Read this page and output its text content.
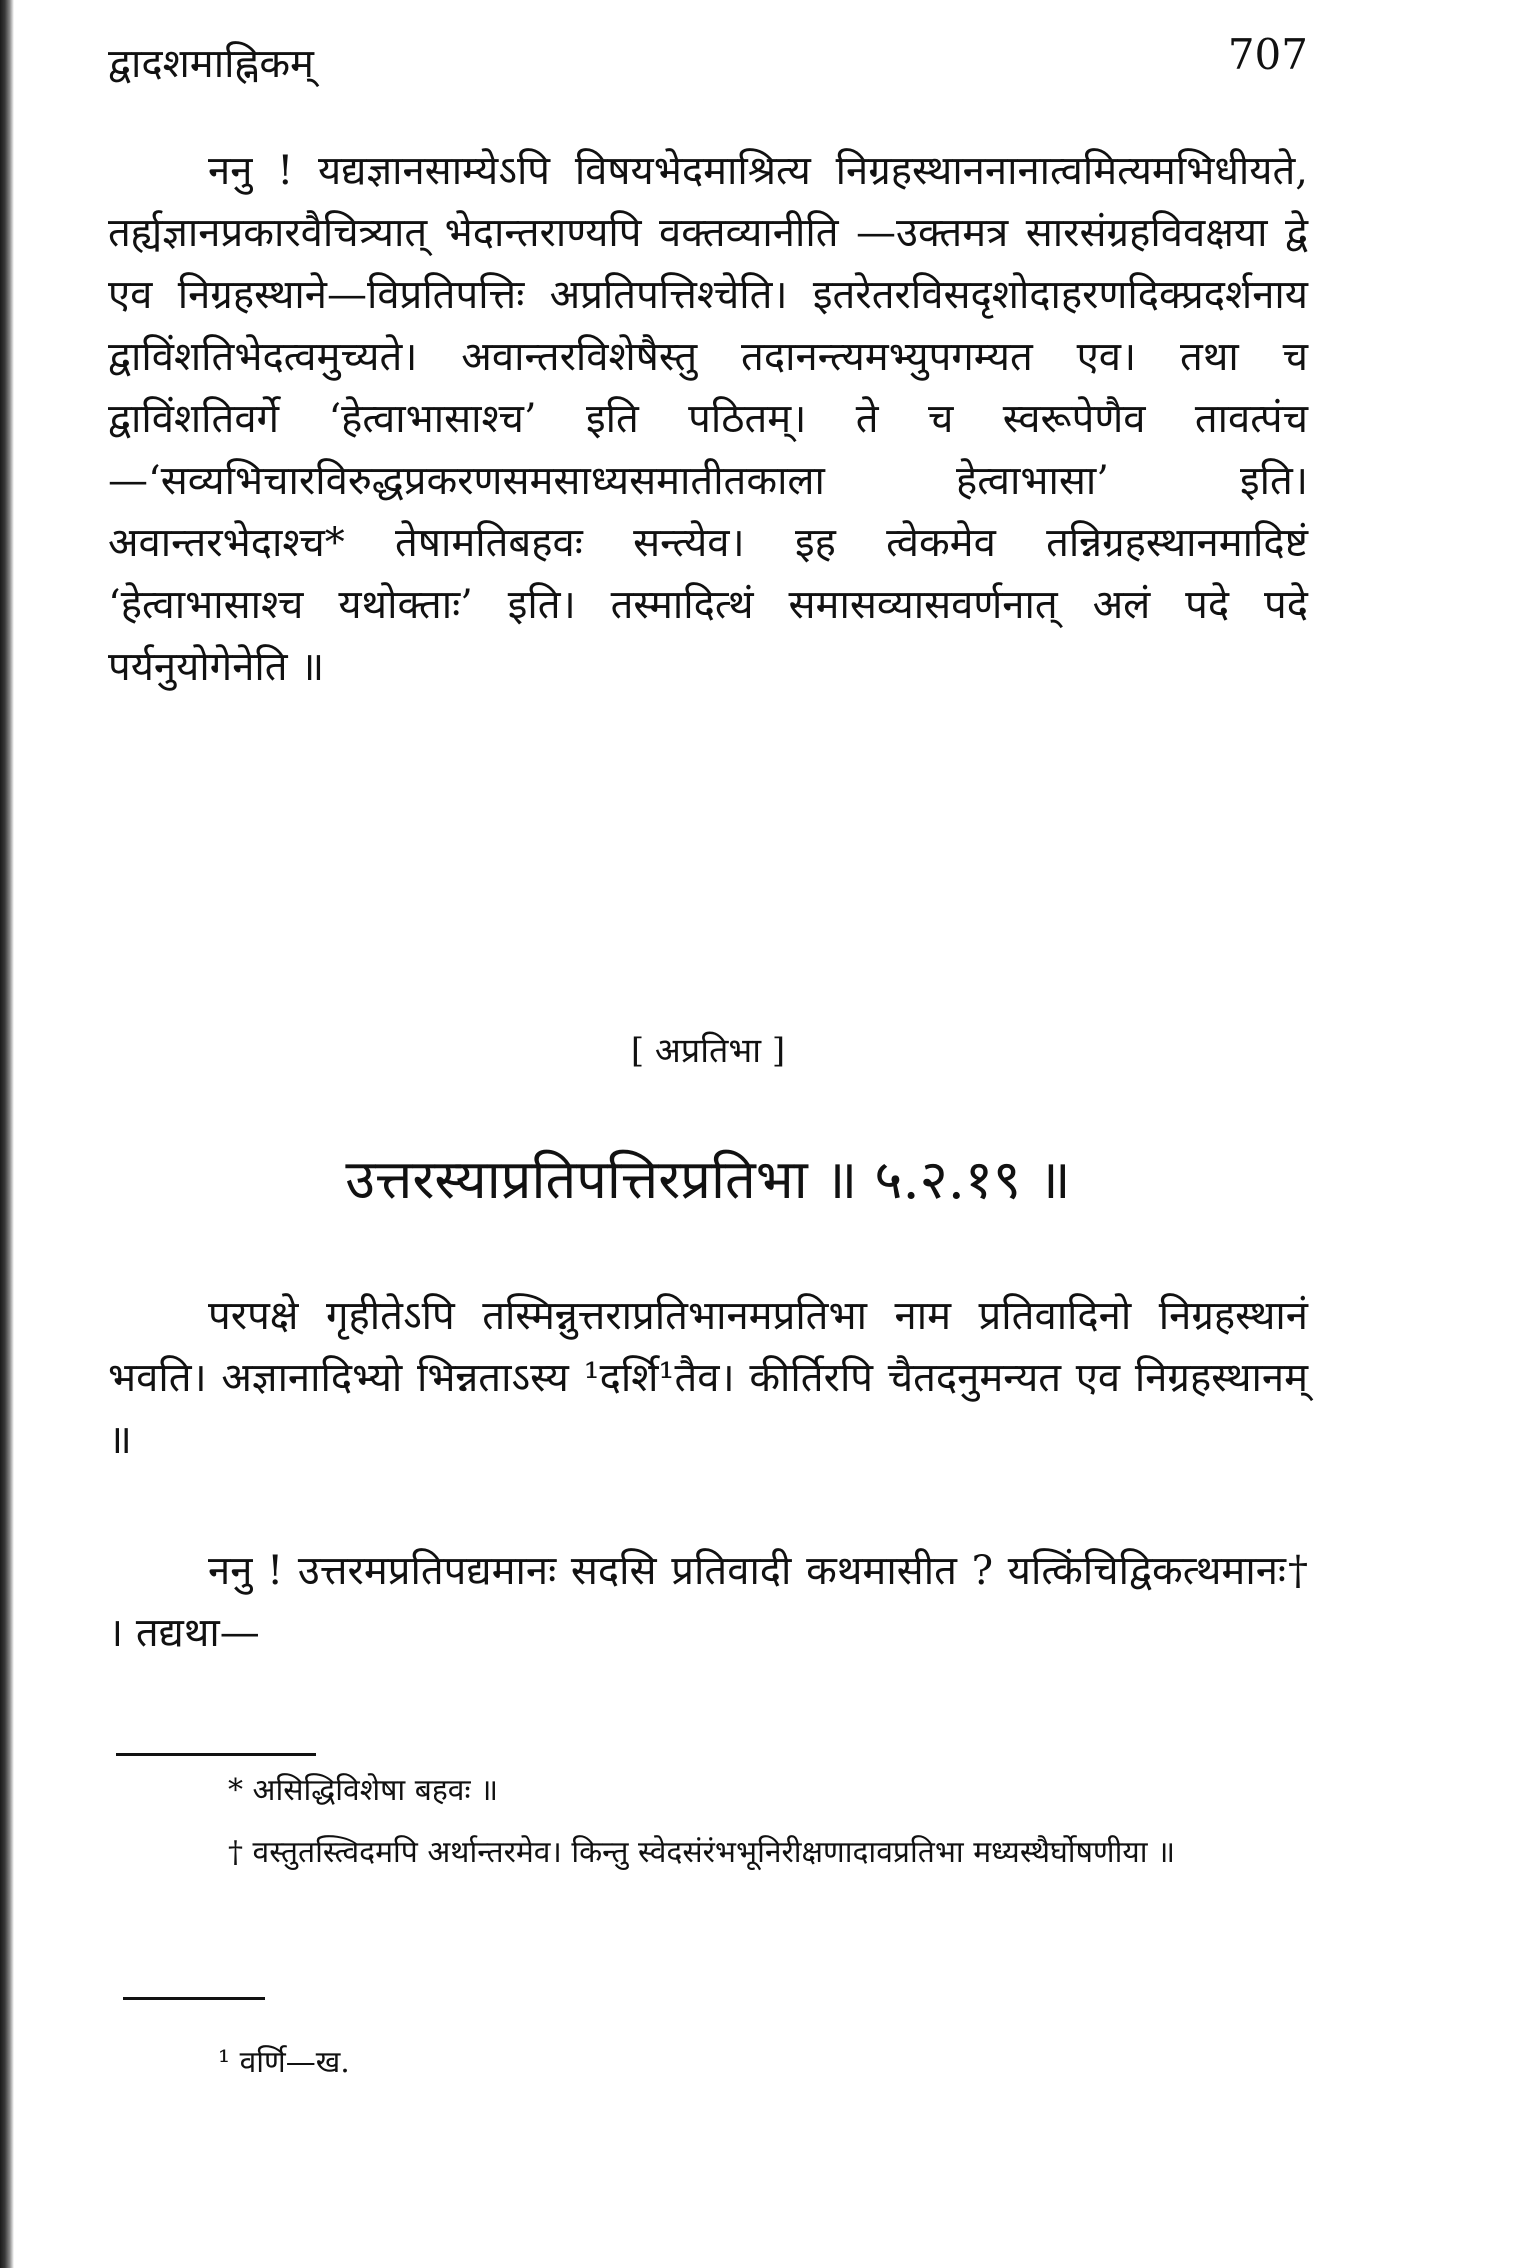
द्वादशमाह्निकम्	707
ननु ! यद्यज्ञानसाम्येऽपि विषयभेदमाश्रित्य निग्रहस्थाननानात्वमित्यमभिधीयते, तर्ह्यज्ञानप्रकारवैचित्र्यात् भेदान्तराण्यपि वक्तव्यानीति —उक्तमत्र सारसंग्रहविवक्षया द्वे एव निग्रहस्थाने—विप्रतिपत्तिः अप्रतिपत्तिश्चेति। इतरेतरविसदृशोदाहरणदिक्प्रदर्शनाय द्वाविंशतिभेदत्वमुच्यते। अवान्तरविशेषैस्तु तदानन्त्यमभ्युपगम्यत एव। तथा च द्वाविंशतिवर्गे ‘हेत्वाभासाश्च’ इति पठितम्। ते च स्वरूपेणैव तावत्पंच—‘सव्यभिचारविरुद्धप्रकरणसमसाध्यसमातीतकाला हेत्वाभासा’ इति। अवान्तरभेदाश्च* तेषामतिबहवः सन्त्येव। इह त्वेकमेव तन्निग्रहस्थानमादिष्टं ‘हेत्वाभासाश्च यथोक्ताः’ इति। तस्मादित्थं समासव्यासवर्णनात् अलं पदे पदे पर्यनुयोगेनेति ॥
[ अप्रतिभा ]
उत्तरस्याप्रतिपत्तिरप्रतिभा ॥ ५.२.१९ ॥
परपक्षे गृहीतेऽपि तस्मिन्नुत्तराप्रतिभानमप्रतिभा नाम प्रतिवादिनो निग्रहस्थानं भवति। अज्ञानादिभ्यो भिन्नताऽस्य ¹दर्शि¹तैव। कीर्तिरपि चैतदनुमन्यत एव निग्रहस्थानम् ॥
ननु ! उत्तरमप्रतिपद्यमानः सदसि प्रतिवादी कथमासीत ? यत्किंचिद्विकत्थमानः† । तद्यथा—
* असिद्धिविशेषा बहवः ॥
† वस्तुतस्त्विदमपि अर्थान्तरमेव। किन्तु स्वेदसंरंभभूनिरीक्षणादावप्रतिभा मध्यस्थैर्घोषणीया ॥
¹ वर्णि—ख.
